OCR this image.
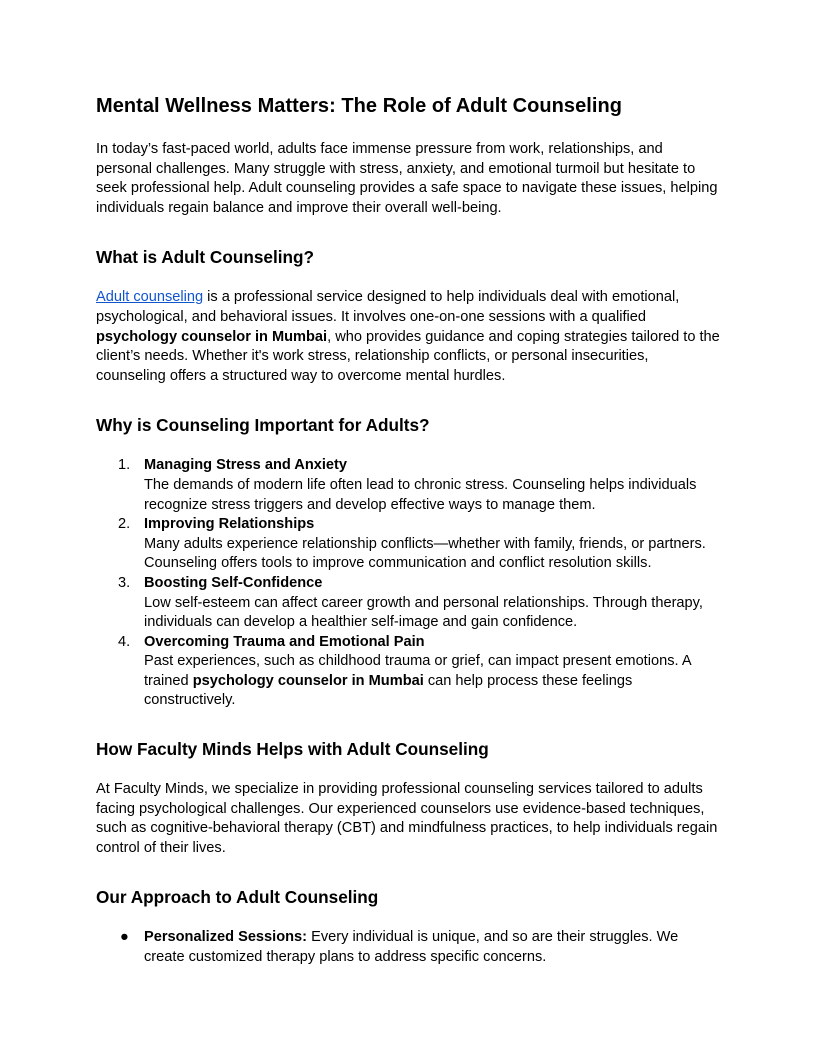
Mental Wellness Matters: The Role of Adult Counseling

In today’s fast-paced world, adults face immense pressure from work, relationships, and personal challenges. Many struggle with stress, anxiety, and emotional turmoil but hesitate to seek professional help. Adult counseling provides a safe space to navigate these issues, helping individuals regain balance and improve their overall well-being.

What is Adult Counseling?

Adult counseling is a professional service designed to help individuals deal with emotional, psychological, and behavioral issues. It involves one-on-one sessions with a qualified psychology counselor in Mumbai, who provides guidance and coping strategies tailored to the client’s needs. Whether it's work stress, relationship conflicts, or personal insecurities, counseling offers a structured way to overcome mental hurdles.

Why is Counseling Important for Adults?
1. Managing Stress and Anxiety
The demands of modern life often lead to chronic stress. Counseling helps individuals recognize stress triggers and develop effective ways to manage them.
2. Improving Relationships
Many adults experience relationship conflicts—whether with family, friends, or partners. Counseling offers tools to improve communication and conflict resolution skills.
3. Boosting Self-Confidence
Low self-esteem can affect career growth and personal relationships. Through therapy, individuals can develop a healthier self-image and gain confidence.
4. Overcoming Trauma and Emotional Pain
Past experiences, such as childhood trauma or grief, can impact present emotions. A trained psychology counselor in Mumbai can help process these feelings constructively.
How Faculty Minds Helps with Adult Counseling

At Faculty Minds, we specialize in providing professional counseling services tailored to adults facing psychological challenges. Our experienced counselors use evidence-based techniques, such as cognitive-behavioral therapy (CBT) and mindfulness practices, to help individuals regain control of their lives.

Our Approach to Adult Counseling
● Personalized Sessions: Every individual is unique, and so are their struggles. We create customized therapy plans to address specific concerns.
